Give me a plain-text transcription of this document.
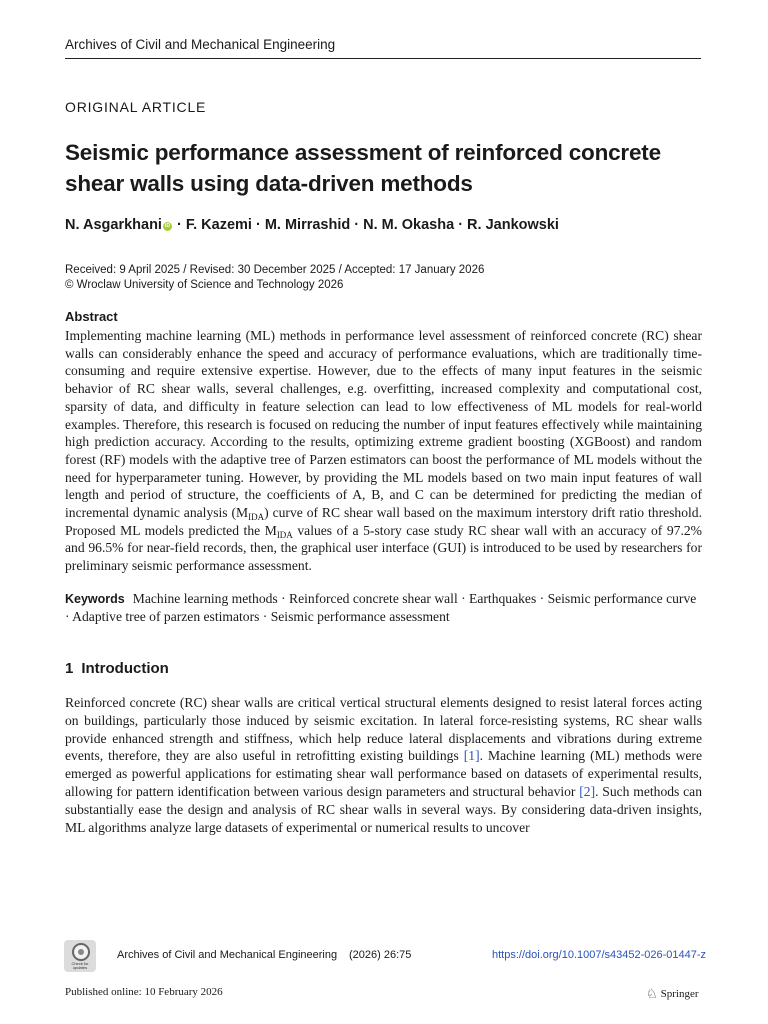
Archives of Civil and Mechanical Engineering
ORIGINAL ARTICLE
Seismic performance assessment of reinforced concrete shear walls using data-driven methods
N. Asgarkhani iD · F. Kazemi · M. Mirrashid · N. M. Okasha · R. Jankowski
Received: 9 April 2025 / Revised: 30 December 2025 / Accepted: 17 January 2026
© Wroclaw University of Science and Technology 2026
Abstract
Implementing machine learning (ML) methods in performance level assessment of reinforced concrete (RC) shear walls can considerably enhance the speed and accuracy of performance evaluations, which are traditionally time-consuming and require extensive expertise. However, due to the effects of many input features in the seismic behavior of RC shear walls, several challenges, e.g. overfitting, increased complexity and computational cost, sparsity of data, and difficulty in feature selection can lead to low effectiveness of ML models for real-world examples. Therefore, this research is focused on reducing the number of input features effectively while maintaining high prediction accuracy. According to the results, optimizing extreme gradient boosting (XGBoost) and random forest (RF) models with the adaptive tree of Parzen estimators can boost the performance of ML models without the need for hyperparameter tuning. However, by providing the ML models based on two main input features of wall length and period of structure, the coefficients of A, B, and C can be determined for predicting the median of incremental dynamic analysis $(M_{IDA})$ curve of RC shear wall based on the maximum interstory drift ratio threshold. Proposed ML models predicted the $M_{IDA}$ values of a 5-story case study RC shear wall with an accuracy of 97.2% and 96.5% for near-field records, then, the graphical user interface (GUI) is introduced to be used by researchers for preliminary seismic performance assessment.
Keywords Machine learning methods · Reinforced concrete shear wall · Earthquakes · Seismic performance curve · Adaptive tree of parzen estimators · Seismic performance assessment
1 Introduction
Reinforced concrete (RC) shear walls are critical vertical structural elements designed to resist lateral forces acting on buildings, particularly those induced by seismic excitation. In lateral force-resisting systems, RC shear walls provide enhanced strength and stiffness, which help reduce lateral displacements and vibrations during extreme events, therefore, they are also useful in retrofitting existing buildings [1]. Machine learning (ML) methods were emerged as powerful applications for estimating shear wall performance based on datasets of experimental results, allowing for pattern identification between various design parameters and structural behavior [2]. Such methods can substantially ease the design and analysis of RC shear walls in several ways. By considering data-driven insights, ML algorithms analyze large datasets of experimental or numerical results to uncover
Check for updates
Archives of Civil and Mechanical Engineering (2026) 26:75	https://doi.org/10.1007/s43452-026-01447-z
Published online: 10 February 2026	♘ Springer
